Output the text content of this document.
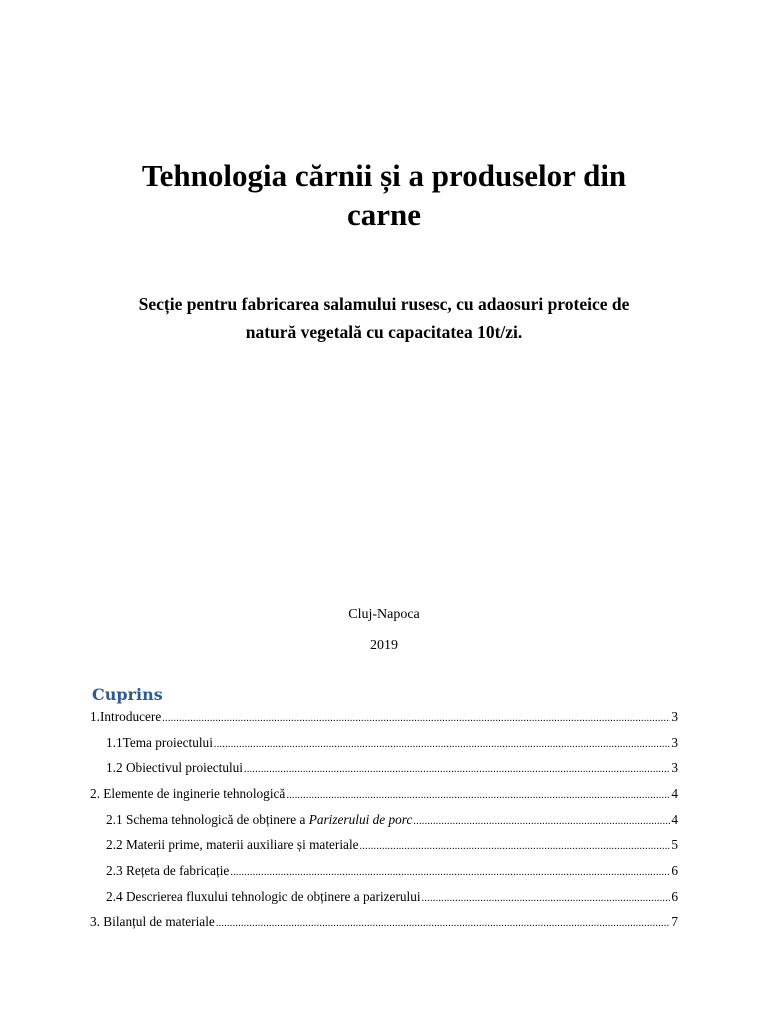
Tehnologia cărnii și a produselor din
carne
Secție pentru fabricarea salamului rusesc, cu adaosuri proteice de
natură vegetală cu capacitatea 10t/zi.
Cluj-Napoca
2019
Cuprins
1.Introducere .....	3
1.1Tema proiectului .....	3
1.2 Obiectivul proiectului .....	3
2. Elemente de inginerie tehnologică .....	4
2.1 Schema tehnologică de obținere a Parizerului de porc .....	4
2.2 Materii prime, materii auxiliare și materiale .....	5
2.3 Rețeta de fabricație .....	6
2.4 Descrierea fluxului tehnologic de obținere a parizerului .....	6
3. Bilanțul de materiale .....	7
